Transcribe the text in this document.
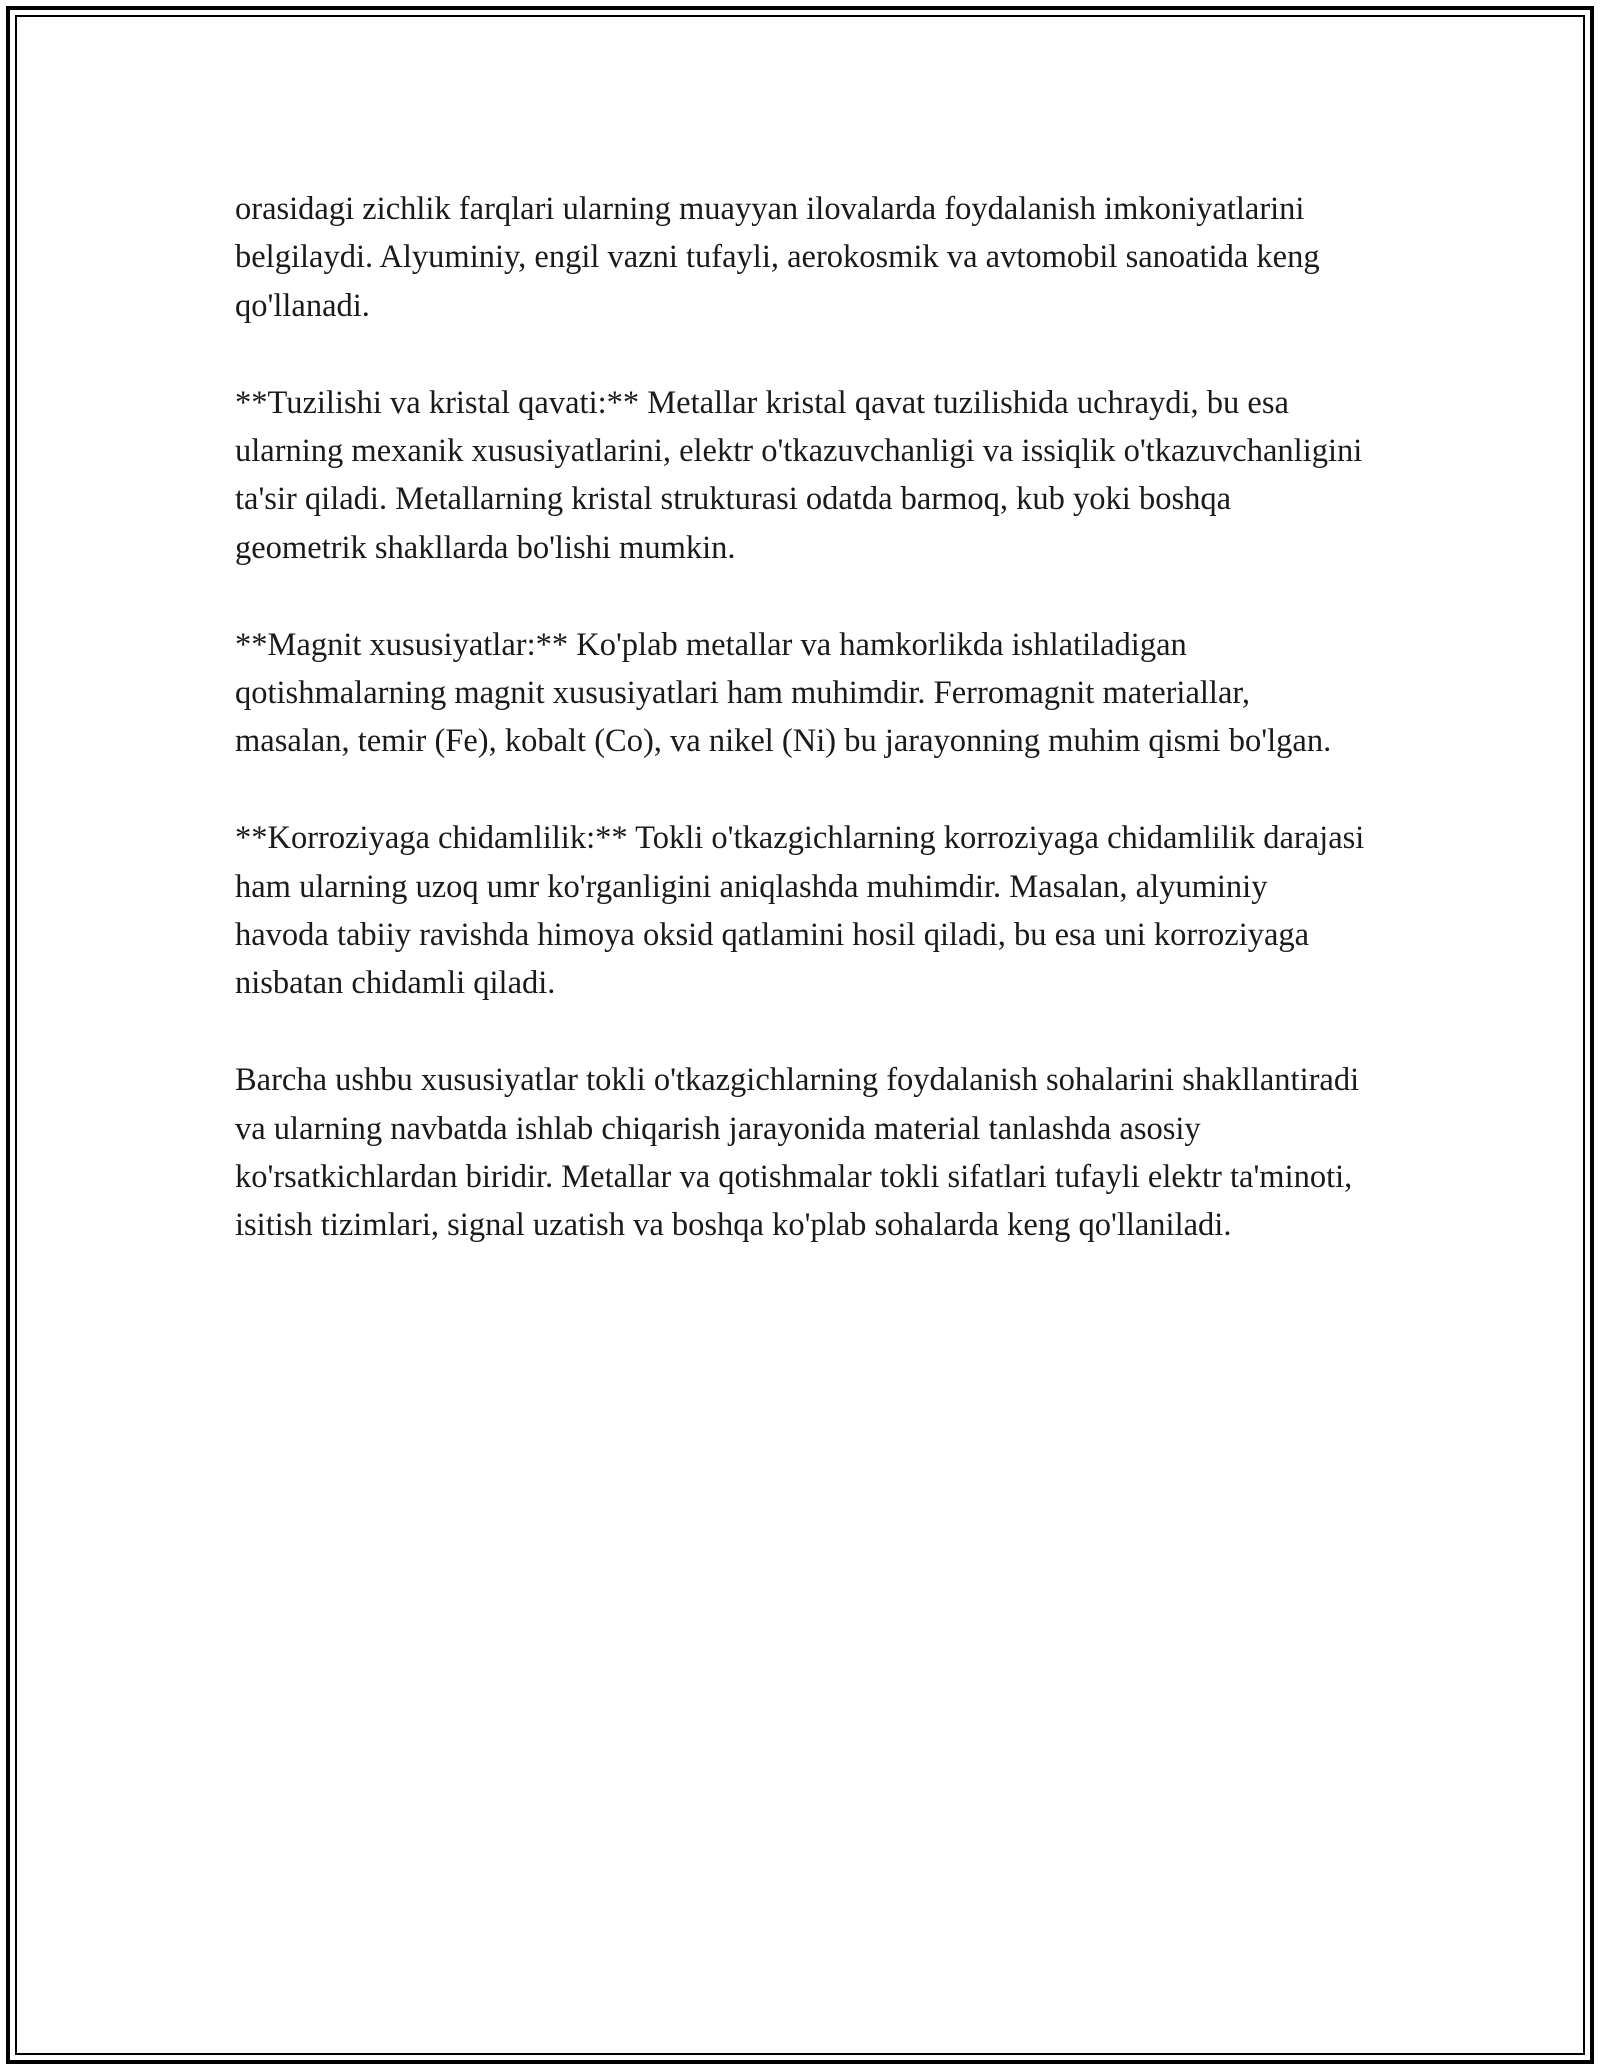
orasidagi zichlik farqlari ularning muayyan ilovalarda foydalanish imkoniyatlarini belgilaydi. Alyuminiy, engil vazni tufayli, aerokosmik va avtomobil sanoatida keng qo'llanadi.

**Tuzilishi va kristal qavati:** Metallar kristal qavat tuzilishida uchraydi, bu esa ularning mexanik xususiyatlarini, elektr o'tkazuvchanligi va issiqlik o'tkazuvchanligini ta'sir qiladi. Metallarning kristal strukturasi odatda barmoq, kub yoki boshqa geometrik shakllarda bo'lishi mumkin.

**Magnit xususiyatlar:** Ko'plab metallar va hamkorlikda ishlatiladigan qotishmalarning magnit xususiyatlari ham muhimdir. Ferromagnit materiallar, masalan, temir (Fe), kobalt (Co), va nikel (Ni) bu jarayonning muhim qismi bo'lgan.

**Korroziyaga chidamlilik:** Tokli o'tkazgichlarning korroziyaga chidamlilik darajasi ham ularning uzoq umr ko'rganligini aniqlashda muhimdir. Masalan, alyuminiy havoda tabiiy ravishda himoya oksid qatlamini hosil qiladi, bu esa uni korroziyaga nisbatan chidamli qiladi.

Barcha ushbu xususiyatlar tokli o'tkazgichlarning foydalanish sohalarini shakllantiradi va ularning navbatda ishlab chiqarish jarayonida material tanlashda asosiy ko'rsatkichlardan biridir. Metallar va qotishmalar tokli sifatlari tufayli elektr ta'minoti, isitish tizimlari, signal uzatish va boshqa ko'plab sohalarda keng qo'llaniladi.
